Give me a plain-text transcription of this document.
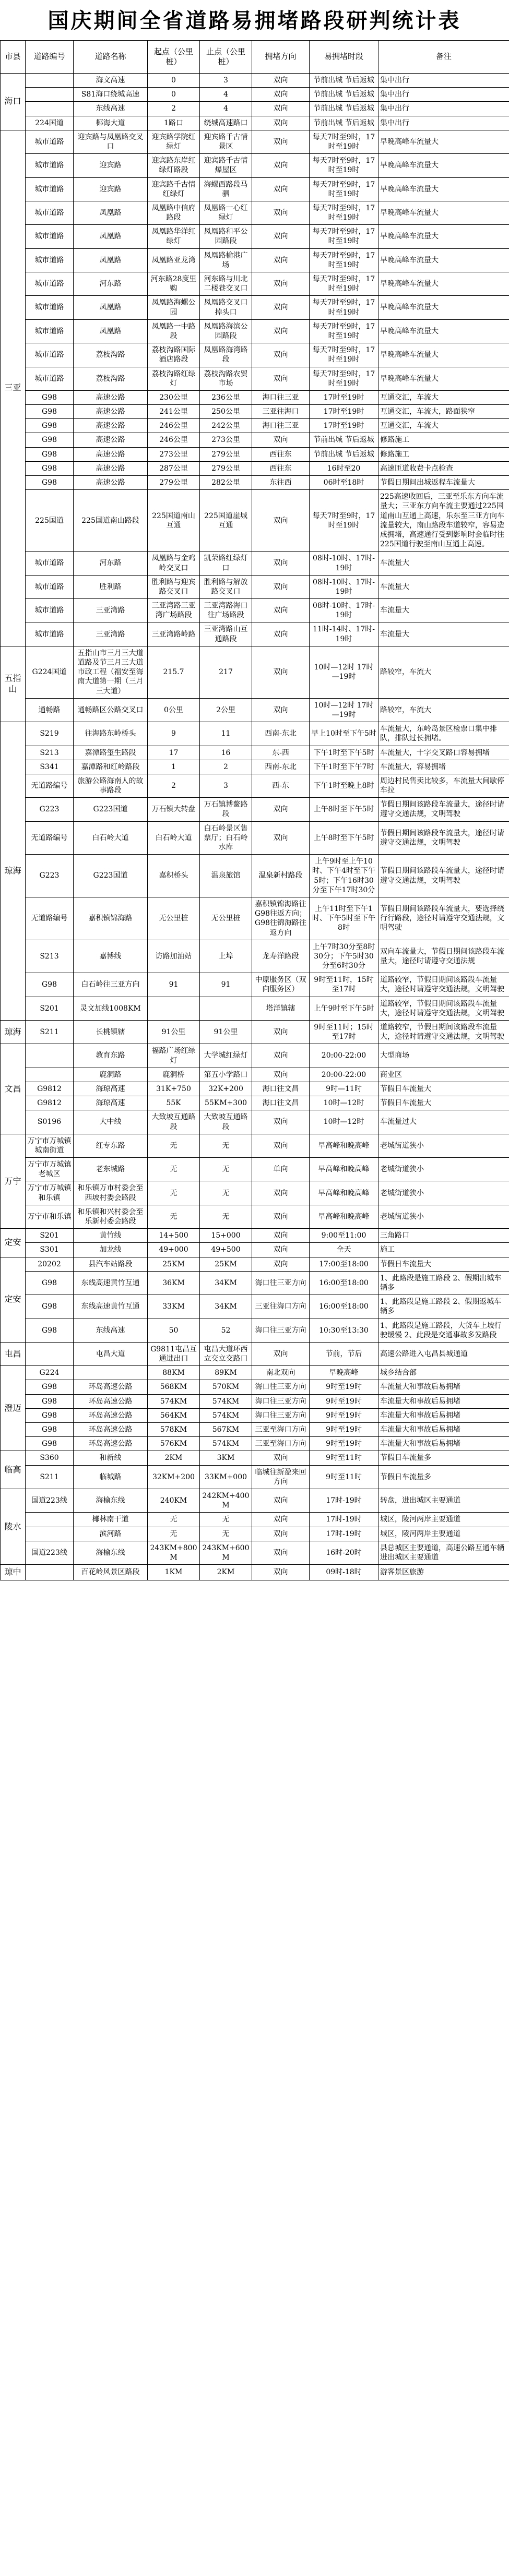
国庆期间全省道路易拥堵路段研判统计表
市县	道路编号	道路名称	起点（公里桩）	止点（公里桩）	拥堵方向	易拥堵时段	备注
海口		海文高速	0	3	双向	节前出城 节后返城	集中出行
		S81海口绕城高速	0	4	双向	节前出城 节后返城	集中出行
		东线高速	2	4	双向	节前出城 节后返城	集中出行
	224国道	椰海大道	1路口	绕城高速路口	双向	节前出城 节后返城	集中出行
三亚	城市道路	迎宾路与凤凰路交叉口	迎宾路学院红绿灯	迎宾路千古情景区	双向	每天7时至9时，17时至19时	早晚高峰车流量大
	城市道路	迎宾路	迎宾路东岸红绿灯路段	迎宾路千古情爆屋区	双向	每天7时至9时，17时至19时	早晚高峰车流量大
	城市道路	迎宾路	迎宾路千古情红绿灯	海螺西路段马驷	双向	每天7时至9时，17时至19时	早晚高峰车流量大
	城市道路	凤凰路	凤凰路中信府路段	凤凰路一心红绿灯	双向	每天7时至9时，17时至19时	早晚高峰车流量大
	城市道路	凤凰路	凤凰路华洋红绿灯	凤凰路和平公园路段	双向	每天7时至9时，17时至19时	早晚高峰车流量大
	城市道路	凤凰路	凤凰路亚龙湾	凤凰路榆港广场	双向	每天7时至9时，17时至19时	早晚高峰车流量大
	城市道路	河东路	河东路28度里购	河东路与川北二楼巷交叉口	双向	每天7时至9时，17时至19时	早晚高峰车流量大
	城市道路	凤凰路	凤凰路海螺公园	凤凰路交叉口掉头口	双向	每天7时至9时，17时至19时	早晚高峰车流量大
	城市道路	凤凰路	凤凰路一中路段	凤凰路海滨公园路段	双向	每天7时至9时，17时至19时	早晚高峰车流量大
	城市道路	荔枝沟路	荔枝沟路国际酒店路段	凤凰路海湾路段	双向	每天7时至9时，17时至19时	早晚高峰车流量大
	城市道路	荔枝沟路	荔枝沟路红绿灯	荔枝沟路农贸市场	双向	每天7时至9时，17时至19时	早晚高峰车流量大
	G98	高速公路	230公里	236公里	海口往三亚	17时至19时	互通交汇，车流大
	G98	高速公路	241公里	250公里	三亚往海口	17时至19时	互通交汇，车流大，路面狭窄
	G98	高速公路	246公里	242公里	海口往三亚	17时至19时	互通交汇，车流大
	G98	高速公路	246公里	273公里	双向	节前出城 节后返城	修路施工
	G98	高速公路	273公里	279公里	西往东	节前出城 节后返城	修路施工
	G98	高速公路	287公里	279公里	西往东	16时至20	高速匝道收费卡点检查
	G98	高速公路	279公里	282公里	东往西	06时至18时	节假日期间出城返程车流量大
	225国道	225国道南山路段	225国道南山互通	225国道崖城互通	双向	每天7时至9时，17时至19时	225高速收回后，三亚至乐东方向车流量大；三亚东方向车流主要通过225国道南山互通上高速，乐东至三亚方向车流量较大，南山路段车道较窄，容易造成拥堵，高速通行受到影响时会临时往225国道行驶至南山互通上高速。
	城市道路	河东路	凤凰路与金鸡岭交叉口	凯荣路红绿灯口	双向	08时-10时、17时-19时	车流量大
	城市道路	胜利路	胜利路与迎宾路交叉口	胜利路与解放路交叉口	双向	08时-10时、17时-19时	车流量大
	城市道路	三亚湾路	三亚湾路三亚湾广场路段	三亚湾路海口往广场路段	双向	08时-10时、17时-19时	车流量大
	城市道路	三亚湾路	三亚湾路岭路	三亚湾路山互通路段	双向	11时-14时、17时-19时	车流量大
五指山	G224国道	五指山市三月三大道道路及节三月三大道市政工程（福安至海南大道第一期（三月三大道）	215.7	217	双向	10时—12时 17时—19时	路较窄，车流大
	通畅路	通畅路区公路交叉口	0公里	2公里	双向	10时—12时 17时—19时	路较窄，车流大
琼海	S219	往海路东岭桥头	9	11	西南-东北	早上10时至下午5时	车流量大，东岭岛景区检票口集中排队，排队过长拥堵。
	S213	嘉潭路玺生路段	17	16	东-西	下午1时至下午5时	车流量大，十字交叉路口容易拥堵
	S341	嘉潭路和红岭路段	1	2	西南-东北	下午1时至下午7时	车流量大，容易拥堵
	无道路编号	旅游公路海南人的故事路段	2	3	西-东	下午1时至晚上8时	周边村民售卖比较多，车流量大间歇停车拉
	G223	G223国道	万石镇大转盘	万石镇博鳌路段	双向	上午8时至下午5时	节假日期间该路段车流量大，途径时请遵守交通法规，文明驾驶
	无道路编号	白石岭大道	白石岭大道	白石岭景区售票厅；白石岭水库	双向	上午8时至下午5时	节假日期间该路段车流量大，途径时请遵守交通法规，文明驾驶
	G223	G223国道	嘉积桥头	温泉旅馆	温泉新村路段	上午9时至上午10时、下午4时至下午5时；下午16时30分至下午17时30分	节假日期间该路段车流量大，途径时请遵守交通法规，文明驾驶
	无道路编号	嘉积镇锦海路	无公里桩	无公里桩	嘉积镇锦海路往G98往返方向；G98往锦海路往返方向	上午11时至下午1时、下午5时至下午8时	节假日期间该路段车流量大，要选择绕行行路段，途径时请遵守交通法规，文明驾驶
	S213	嘉博线	访路加油站	上埠	龙寿洋路段	上午7时30分至8时30分；下午5时30分至6时30分	双向车流量大，节假日期间该路段车流量大，途径时请遵守交通法规
	G98	白石岭往三亚方向	91	91	中原服务区（双向服务区）	9时至11时，15时至17时	道路较窄，节假日期间该路段车流量大，途径时请遵守交通法规，文明驾驶
	S201	灵文加线1008KM			塔洋镇辖	上午9时至下午5时	道路较窄，节假日期间该路段车流量大，途径时请遵守交通法规，文明驾驶
琼海	S211	长桃镇辖	91公里	91公里	双向	9时至11时；15时至17时	道路较窄，节假日期间该路段车流量大，途径时请遵守交通法规，文明驾驶
文昌		教育东路	福路广场红绿灯	大学城红绿灯	双向	20:00-22:00	大型商场
		鹿洞路	鹿洞桥	第五小学路口	双向	20:00-22:00	商业区
	G9812	海琼高速	31K+750	32K+200	海口往文昌	9时—11时	节假日车流量大
	G9812	海琼高速	55K	55KM+300	海口往文昌	10时—12时	节假日车流量大
	S0196	大中线	大致坡互通路段	大致坡互通路段	双向	10时—12时	车流量过大
万宁	万宁市万城镇城南街道	红专东路	无	无	双向	早高峰和晚高峰	老城街道狭小
	万宁市万城镇老城区	老东城路	无	无	单向	早高峰和晚高峰	老城街道狭小
	万宁市万城镇和乐镇	和乐镇万市村委会至西坡村委会路段	无	无	双向	早高峰和晚高峰	老城街道狭小
	万宁市和乐镇	和乐镇和兴村委会至乐新村委会路段	无	无	双向	早高峰和晚高峰	老城街道狭小
定安	S201	黄竹线	14+500	15+000	双向	9:00至11:00	三角路口
	S301	加龙线	49+000	49+500	双向	全天	施工
定安	20202	县汽车站路段	25KM	25KM	双向	17:00至18:00	节假日车流量大
	G98	东线高速黄竹互通	36KM	34KM	海口往三亚方向	16:00至18:00	1、此路段是施工路段 2、假期出城车辆多
	G98	东线高速黄竹互通	33KM	34KM	三亚往海口方向	16:00至18:00	1、此路段是施工路段 2、假期返城车辆多
	G98	东线高速	50	52	海口往三亚方向	10:30至13:30	1、此路段是施工路段，大货车上坡行驶缓慢 2、此段是交通事故多发路段
屯昌		屯昌大道	G9811屯昌互通进出口	屯昌大道环西立交立交路口	双向	节前，节后	高速公路进入屯昌县城通道
澄迈	G224		88KM	89KM	南北双向	早晚高峰	城乡结合部
	G98	环岛高速公路	568KM	570KM	海口往三亚方向	9时至19时	车流量大和事故后易拥堵
	G98	环岛高速公路	574KM	574KM	海口往三亚方向	9时至19时	车流量大和事故后易拥堵
	G98	环岛高速公路	564KM	574KM	海口往三亚方向	9时至19时	车流量大和事故后易拥堵
	G98	环岛高速公路	578KM	567KM	三亚至海口方向	9时至19时	车流量大和事故后易拥堵
	G98	环岛高速公路	576KM	574KM	三亚至海口方向	9时至19时	车流量大和事故后易拥堵
临高	S360	和新线	2KM	3KM	双向	9时至11时	节假日车流量多
	S211	临城路	32KM+200	33KM+000	临城往新盈来回方向	9时至11时	节假日车流量多
陵水	国道223线	海榆东线	240KM	242KM+400M	双向	17时-19时	转盘，进出城区主要通道
		椰林南干道	无	无	双向	17时-19时	城区，陵河两岸主要通道
		滨河路	无	无	双向	17时-19时	城区，陵河两岸主要通道
	国道223线	海榆东线	243KM+800M	243KM+600M	双向	16时-20时	县总城区主要通道，高速公路互通车辆进出城区主要通道
琼中		百花岭风景区路段	1KM	2KM	双向	09时-18时	游客景区旅游
